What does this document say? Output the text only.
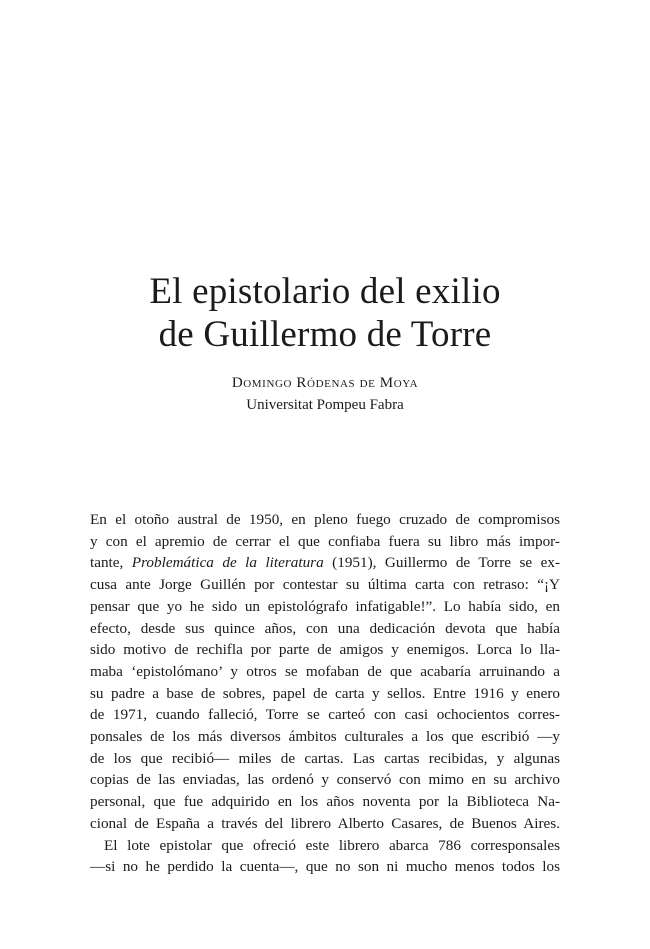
El epistolario del exilio
de Guillermo de Torre
Domingo Ródenas de Moya
Universitat Pompeu Fabra
En el otoño austral de 1950, en pleno fuego cruzado de compromisos
y con el apremio de cerrar el que confiaba fuera su libro más impor-
tante, Problemática de la literatura (1951), Guillermo de Torre se ex-
cusa ante Jorge Guillén por contestar su última carta con retraso: “¡Y
pensar que yo he sido un epistológrafo infatigable!”. Lo había sido, en
efecto, desde sus quince años, con una dedicación devota que había
sido motivo de rechifla por parte de amigos y enemigos. Lorca lo lla-
maba ‘epistolómano’ y otros se mofaban de que acabaría arruinando a
su padre a base de sobres, papel de carta y sellos. Entre 1916 y enero
de 1971, cuando falleció, Torre se carteó con casi ochocientos corres-
ponsales de los más diversos ámbitos culturales a los que escribió —y
de los que recibió— miles de cartas. Las cartas recibidas, y algunas
copias de las enviadas, las ordenó y conservó con mimo en su archivo
personal, que fue adquirido en los años noventa por la Biblioteca Na-
cional de España a través del librero Alberto Casares, de Buenos Aires.
El lote epistolar que ofreció este librero abarca 786 corresponsales
—si no he perdido la cuenta—, que no son ni mucho menos todos los
